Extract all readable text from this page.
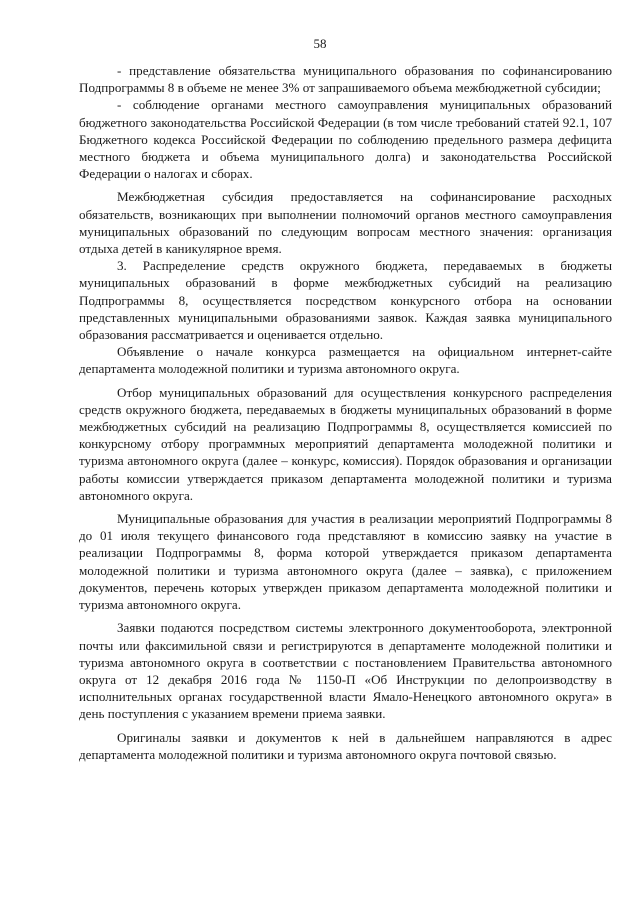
58

- представление обязательства муниципального образования по софинансированию Подпрограммы 8 в объеме не менее 3% от запрашиваемого объема межбюджетной субсидии;

- соблюдение органами местного самоуправления муниципальных образований бюджетного законодательства Российской Федерации (в том числе требований статей 92.1, 107 Бюджетного кодекса Российской Федерации по соблюдению предельного размера дефицита местного бюджета и объема муниципального долга) и законодательства Российской Федерации о налогах и сборах.

Межбюджетная субсидия предоставляется на софинансирование расходных обязательств, возникающих при выполнении полномочий органов местного самоуправления муниципальных образований по следующим вопросам местного значения: организация отдыха детей в каникулярное время.

3. Распределение средств окружного бюджета, передаваемых в бюджеты муниципальных образований в форме межбюджетных субсидий на реализацию Подпрограммы 8, осуществляется посредством конкурсного отбора на основании представленных муниципальными образованиями заявок. Каждая заявка муниципального образования рассматривается и оценивается отдельно.

Объявление о начале конкурса размещается на официальном интернет-сайте департамента молодежной политики и туризма автономного округа.

Отбор муниципальных образований для осуществления конкурсного распределения средств окружного бюджета, передаваемых в бюджеты муниципальных образований в форме межбюджетных субсидий на реализацию Подпрограммы 8, осуществляется комиссией по конкурсному отбору программных мероприятий департамента молодежной политики и туризма автономного округа (далее – конкурс, комиссия). Порядок образования и организации работы комиссии утверждается приказом департамента молодежной политики и туризма автономного округа.

Муниципальные образования для участия в реализации мероприятий Подпрограммы 8 до 01 июля текущего финансового года представляют в комиссию заявку на участие в реализации Подпрограммы 8, форма которой утверждается приказом департамента молодежной политики и туризма автономного округа (далее – заявка), с приложением документов, перечень которых утвержден приказом департамента молодежной политики и туризма автономного округа.

Заявки подаются посредством системы электронного документооборота, электронной почты или факсимильной связи и регистрируются в департаменте молодежной политики и туризма автономного округа в соответствии с постановлением Правительства автономного округа от 12 декабря 2016 года № 1150-П «Об Инструкции по делопроизводству в исполнительных органах государственной власти Ямало-Ненецкого автономного округа» в день поступления с указанием времени приема заявки.

Оригиналы заявки и документов к ней в дальнейшем направляются в адрес департамента молодежной политики и туризма автономного округа почтовой связью.
